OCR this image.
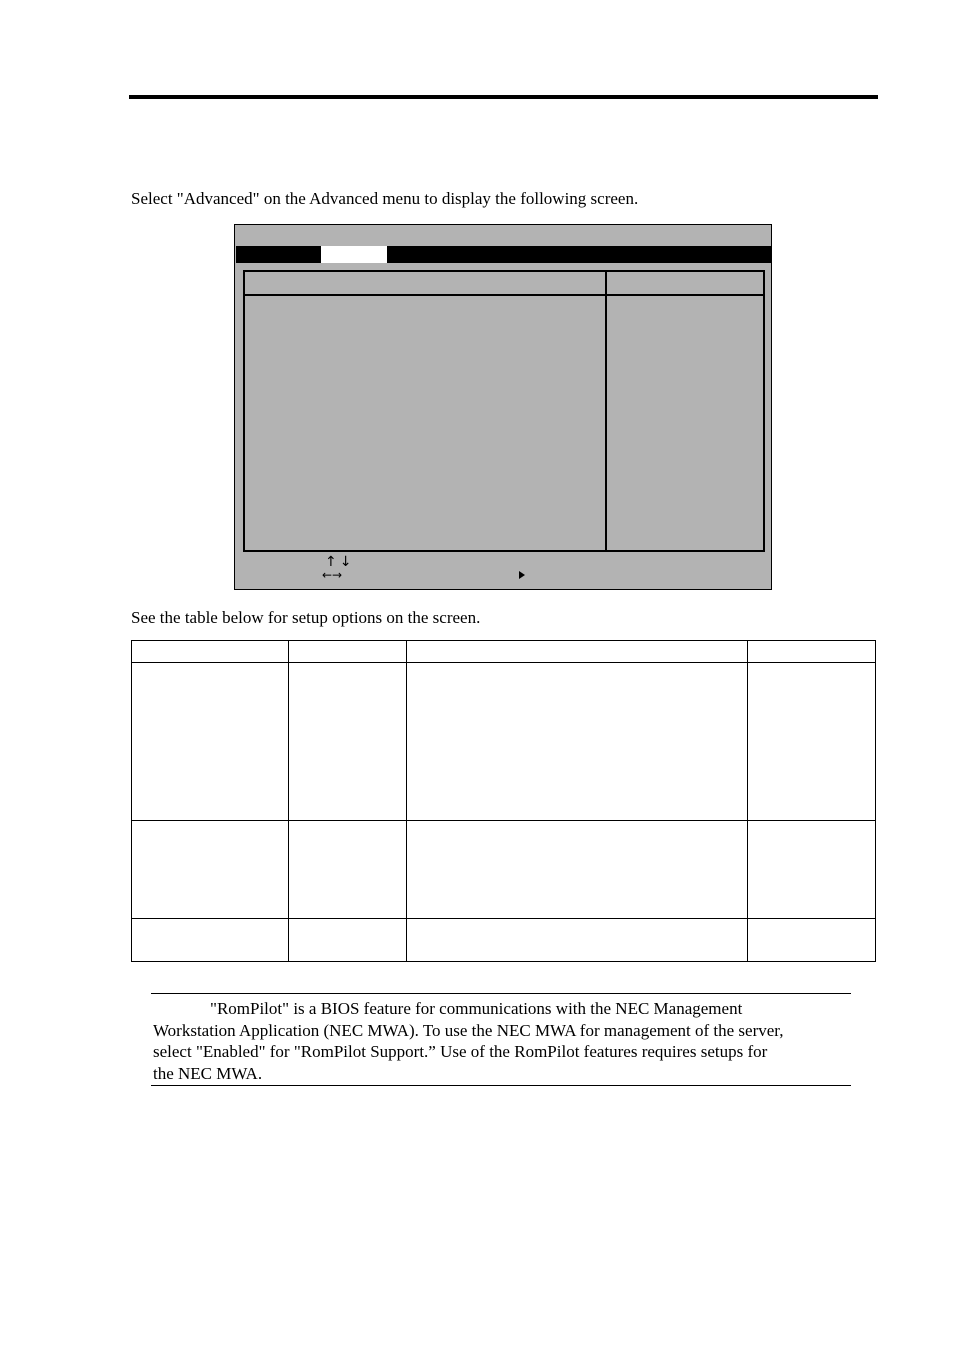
Select "Advanced" on the Advanced menu to display the following screen.
↑↓
←→
See the table below for setup options on the screen.

"RomPilot" is a BIOS feature for communications with the NEC Management

Workstation Application (NEC MWA). To use the NEC MWA for management of the server,

select "Enabled" for "RomPilot Support.” Use of the RomPilot features requires setups for

the NEC MWA.
